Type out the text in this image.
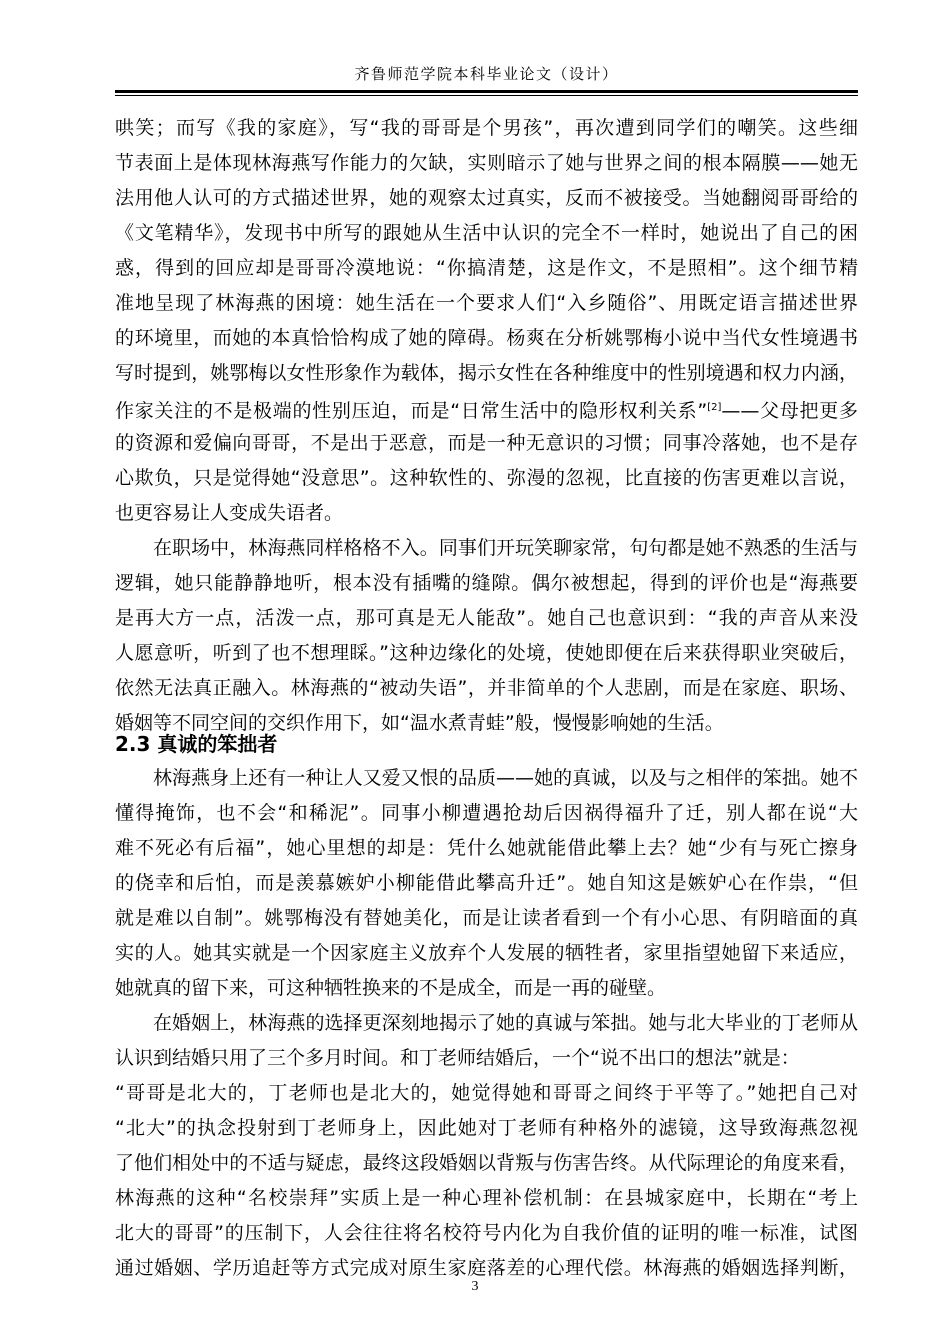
齐鲁师范学院本科毕业论文（设计）
哄笑；而写《我的家庭》，写“我的哥哥是个男孩”，再次遭到同学们的嘲笑。这些细
节表面上是体现林海燕写作能力的欠缺，实则暗示了她与世界之间的根本隔膜——她无
法用他人认可的方式描述世界，她的观察太过真实，反而不被接受。当她翻阅哥哥给的
《文笔精华》，发现书中所写的跟她从生活中认识的完全不一样时，她说出了自己的困
惑，得到的回应却是哥哥冷漠地说：“你搞清楚，这是作文，不是照相”。这个细节精
准地呈现了林海燕的困境：她生活在一个要求人们“入乡随俗”、用既定语言描述世界
的环境里，而她的本真恰恰构成了她的障碍。杨爽在分析姚鄂梅小说中当代女性境遇书
写时提到，姚鄂梅以女性形象作为载体，揭示女性在各种维度中的性别境遇和权力内涵，
作家关注的不是极端的性别压迫，而是“日常生活中的隐形权利关系”[2]——父母把更多
的资源和爱偏向哥哥，不是出于恶意，而是一种无意识的习惯；同事冷落她，也不是存
心欺负，只是觉得她“没意思”。这种软性的、弥漫的忽视，比直接的伤害更难以言说，
也更容易让人变成失语者。
在职场中，林海燕同样格格不入。同事们开玩笑聊家常，句句都是她不熟悉的生活与
逻辑，她只能静静地听，根本没有插嘴的缝隙。偶尔被想起，得到的评价也是“海燕要
是再大方一点，活泼一点，那可真是无人能敌”。她自己也意识到：“我的声音从来没
人愿意听，听到了也不想理睬。”这种边缘化的处境，使她即便在后来获得职业突破后，
依然无法真正融入。林海燕的“被动失语”，并非简单的个人悲剧，而是在家庭、职场、
婚姻等不同空间的交织作用下，如“温水煮青蛙”般，慢慢影响她的生活。
2.3 真诚的笨拙者
林海燕身上还有一种让人又爱又恨的品质——她的真诚，以及与之相伴的笨拙。她不
懂得掩饰，也不会“和稀泥”。同事小柳遭遇抢劫后因祸得福升了迁，别人都在说“大
难不死必有后福”，她心里想的却是：凭什么她就能借此攀上去？她“少有与死亡擦身
的侥幸和后怕，而是羡慕嫉妒小柳能借此攀高升迁”。她自知这是嫉妒心在作祟，“但
就是难以自制”。姚鄂梅没有替她美化，而是让读者看到一个有小心思、有阴暗面的真
实的人。她其实就是一个因家庭主义放弃个人发展的牺牲者，家里指望她留下来适应，
她就真的留下来，可这种牺牲换来的不是成全，而是一再的碰壁。
在婚姻上，林海燕的选择更深刻地揭示了她的真诚与笨拙。她与北大毕业的丁老师从
认识到结婚只用了三个多月时间。和丁老师结婚后，一个“说不出口的想法”就是：
“哥哥是北大的，丁老师也是北大的，她觉得她和哥哥之间终于平等了。”她把自己对
“北大”的执念投射到丁老师身上，因此她对丁老师有种格外的滤镜，这导致海燕忽视
了他们相处中的不适与疑虑，最终这段婚姻以背叛与伤害告终。从代际理论的角度来看，
林海燕的这种“名校崇拜”实质上是一种心理补偿机制：在县城家庭中，长期在“考上
北大的哥哥”的压制下，人会往往将名校符号内化为自我价值的证明的唯一标准，试图
通过婚姻、学历追赶等方式完成对原生家庭落差的心理代偿。林海燕的婚姻选择判断，
3
